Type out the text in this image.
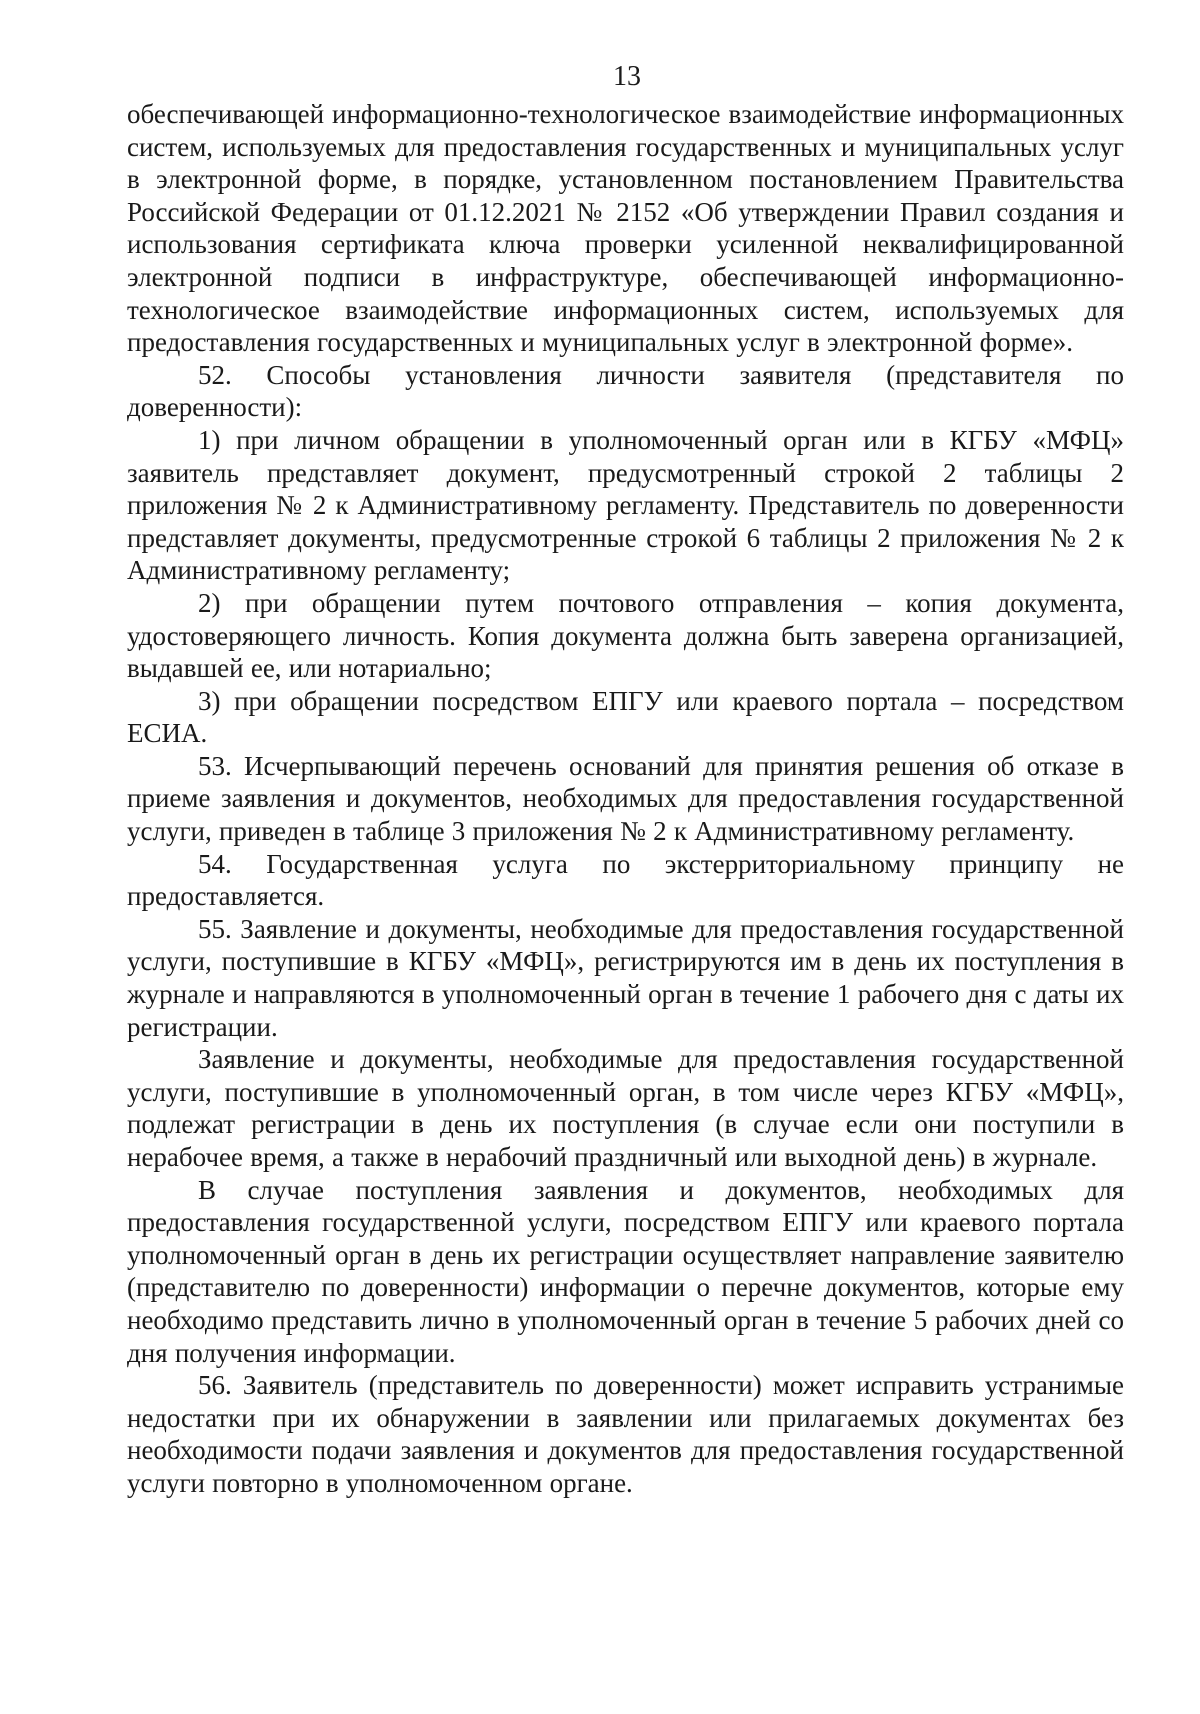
13

обеспечивающей информационно-технологическое взаимодействие информационных систем, используемых для предоставления государственных и муниципальных услуг в электронной форме, в порядке, установленном постановлением Правительства Российской Федерации от 01.12.2021 № 2152 «Об утверждении Правил создания и использования сертификата ключа проверки усиленной неквалифицированной электронной подписи в инфраструктуре, обеспечивающей информационно-технологическое взаимодействие информационных систем, используемых для предоставления государственных и муниципальных услуг в электронной форме».

52. Способы установления личности заявителя (представителя по доверенности):

1) при личном обращении в уполномоченный орган или в КГБУ «МФЦ» заявитель представляет документ, предусмотренный строкой 2 таблицы 2 приложения № 2 к Административному регламенту. Представитель по доверенности представляет документы, предусмотренные строкой 6 таблицы 2 приложения № 2 к Административному регламенту;

2) при обращении путем почтового отправления – копия документа, удостоверяющего личность. Копия документа должна быть заверена организацией, выдавшей ее, или нотариально;

3) при обращении посредством ЕПГУ или краевого портала – посредством ЕСИА.

53. Исчерпывающий перечень оснований для принятия решения об отказе в приеме заявления и документов, необходимых для предоставления государственной услуги, приведен в таблице 3 приложения № 2 к Административному регламенту.

54. Государственная услуга по экстерриториальному принципу не предоставляется.

55. Заявление и документы, необходимые для предоставления государственной услуги, поступившие в КГБУ «МФЦ», регистрируются им в день их поступления в журнале и направляются в уполномоченный орган в течение 1 рабочего дня с даты их регистрации.

Заявление и документы, необходимые для предоставления государственной услуги, поступившие в уполномоченный орган, в том числе через КГБУ «МФЦ», подлежат регистрации в день их поступления (в случае если они поступили в нерабочее время, а также в нерабочий праздничный или выходной день) в журнале.

В случае поступления заявления и документов, необходимых для предоставления государственной услуги, посредством ЕПГУ или краевого портала уполномоченный орган в день их регистрации осуществляет направление заявителю (представителю по доверенности) информации о перечне документов, которые ему необходимо представить лично в уполномоченный орган в течение 5 рабочих дней со дня получения информации.

56. Заявитель (представитель по доверенности) может исправить устранимые недостатки при их обнаружении в заявлении или прилагаемых документах без необходимости подачи заявления и документов для предоставления государственной услуги повторно в уполномоченном органе.
